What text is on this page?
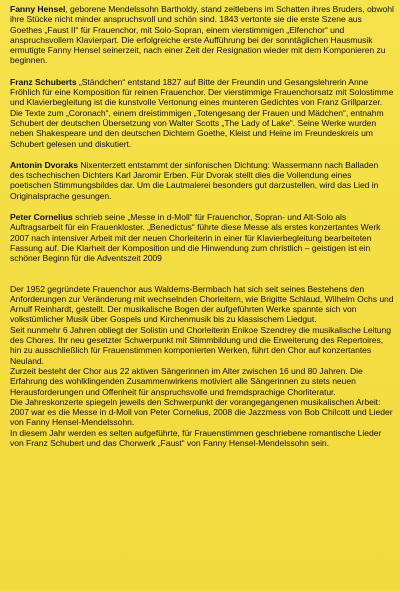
Fanny Hensel, geborene Mendelssohn Bartholdy, stand zeitlebens im Schatten ihres Bruders, obwohl ihre Stücke nicht minder anspruchsvoll und schön sind. 1843 vertonte sie die erste Szene aus Goethes „Faust II“ für Frauenchor, mit Solo-Sopran, einem vierstimmigen „Elfenchor“ und anspruchsvollem Klavierpart. Die erfolgreiche erste Aufführung bei der sonntäglichen Hausmusik ermutigte Fanny Hensel seinerzeit, nach einer Zeit der Resignation wieder mit dem Komponieren zu beginnen.

Franz Schuberts „Ständchen“ entstand 1827 auf Bitte der Freundin und Gesangslehrerin Anne Fröhlich für eine Komposition für reinen Frauenchor. Der vierstimmige Frauenchorsatz mit Solostimme und Klavierbegleitung ist die kunstvolle Vertonung eines munteren Gedichtes von Franz Grillparzer.

Die Texte zum „Coronach“, einem dreistimmigen „Totengesang der Frauen und Mädchen“, entnahm Schubert der deutschen Übersetzung von Walter Scotts „The Lady of Lake“. Seine Werke wurden neben Shakespeare und den deutschen Dichtern Goethe, Kleist und Heine im Freundeskreis um Schubert gelesen und diskutiert.

Antonin Dvoraks Nixenterzett entstammt der sinfonischen Dichtung: Wassermann nach Balladen des tschechischen Dichters Karl Jaromir Erben. Für Dvorak stellt dies die Vollendung eines poetischen Stimmungsbildes dar. Um die Lautmalerei besonders gut darzustellen, wird das Lied in Originalsprache gesungen.

Peter Cornelius schrieb seine „Messe in d-Moll“ für Frauenchor, Sopran- und Alt-Solo als Auftragsarbeit für ein Frauenkloster. „Benedictus“ führte diese Messe als erstes konzertantes Werk 2007 nach intensiver Arbeit mit der neuen Chorleiterin in einer für Klavierbegleitung bearbeiteten Fassung auf. Die Klarheit der Komposition und die Hinwendung zum christlich – geistigen ist ein schöner Beginn für die Adventszeit 2009

Der 1952 gegründete Frauenchor aus Waldems-Bermbach hat sich seit seines Bestehens den Anforderungen zur Veränderung mit wechselnden Chorleitern, wie Brigitte Schlaud, Wilhelm Ochs und Arnulf Reinhardt, gestellt. Der musikalische Bogen der aufgeführten Werke spannte sich von volkstümlicher Musik über Gospels und Kirchenmusik bis zu klassischem Liedgut.

Seit nunmehr 6 Jahren obliegt der Solistin und Chorleiterin Enikoe Szendrey die musikalische Leitung des Chores. Ihr neu gesetzter Schwerpunkt mit Stimmbildung und die Erweiterung des Repertoires, hin zu ausschließlich für Frauenstimmen komponierten Werken, führt den Chor auf konzertantes Neuland.

Zurzeit besteht der Chor aus 22 aktiven Sängerinnen im Alter zwischen 16 und 80 Jahren. Die Erfahrung des wohlklingenden Zusammenwirkens motiviert alle Sängerinnen zu stets neuen Herausforderungen und Offenheit für anspruchsvolle und fremdsprachige Chorliteratur.

Die Jahreskonzerte spiegeln jeweils den Schwerpunkt der vorangegangenen musikalischen Arbeit: 2007 war es die Messe in d-Moll von Peter Cornelius, 2008 die Jazzmess von Bob Chilcott und Lieder von Fanny Hensel-Mendelssohn.

In diesem Jahr werden es selten aufgeführte, für Frauenstimmen geschriebene romantische Lieder von Franz Schubert und das Chorwerk „Faust“ von Fanny Hensel-Mendelssohn sein.
